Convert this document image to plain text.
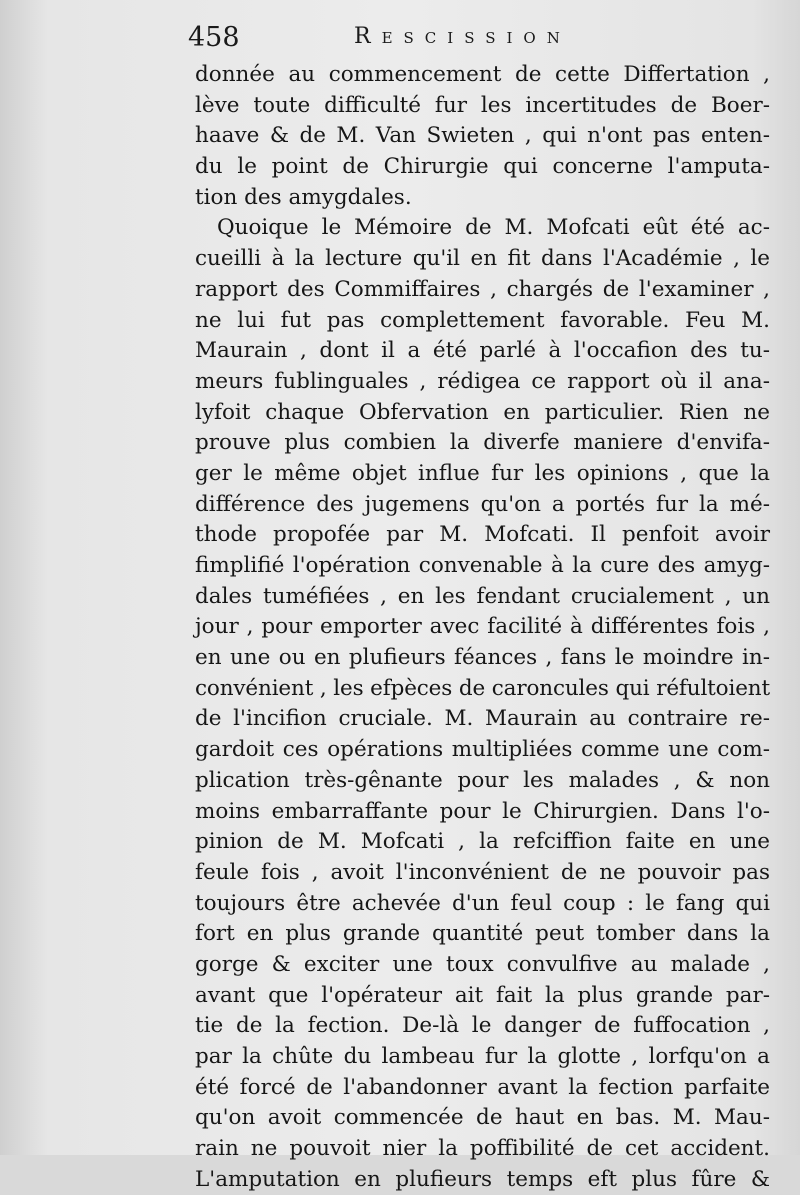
458	Rescission
donnée au commencement de cette Differtation ,
lève toute difficulté fur les incertitudes de Boer-
haave & de M. Van Swieten , qui n'ont pas enten-
du le point de Chirurgie qui concerne l'amputa-
tion des amygdales.
Quoique le Mémoire de M. Mofcati eût été ac-
cueilli à la lecture qu'il en fit dans l'Académie , le
rapport des Commiffaires , chargés de l'examiner ,
ne lui fut pas complettement favorable. Feu M.
Maurain , dont il a été parlé à l'occafion des tu-
meurs fublinguales , rédigea ce rapport où il ana-
lyfoit chaque Obfervation en particulier. Rien ne
prouve plus combien la diverfe maniere d'envifa-
ger le même objet influe fur les opinions , que la
différence des jugemens qu'on a portés fur la mé-
thode propofée par M. Mofcati. Il penfoit avoir
fimplifié l'opération convenable à la cure des amyg-
dales tuméfiées , en les fendant crucialement , un
jour , pour emporter avec facilité à différentes fois ,
en une ou en plufieurs féances , fans le moindre in-
convénient , les efpèces de caroncules qui réfultoient
de l'incifion cruciale. M. Maurain au contraire re-
gardoit ces opérations multipliées comme une com-
plication très-gênante pour les malades , & non
moins embarraffante pour le Chirurgien. Dans l'o-
pinion de M. Mofcati , la refciffion faite en une
feule fois , avoit l'inconvénient de ne pouvoir pas
toujours être achevée d'un feul coup : le fang qui
fort en plus grande quantité peut tomber dans la
gorge & exciter une toux convulfive au malade ,
avant que l'opérateur ait fait la plus grande par-
tie de la fection. De-là le danger de fuffocation ,
par la chûte du lambeau fur la glotte , lorfqu'on a
été forcé de l'abandonner avant la fection parfaite
qu'on avoit commencée de haut en bas. M. Mau-
rain ne pouvoit nier la poffibilité de cet accident.
L'amputation en plufieurs temps eft plus fûre &
